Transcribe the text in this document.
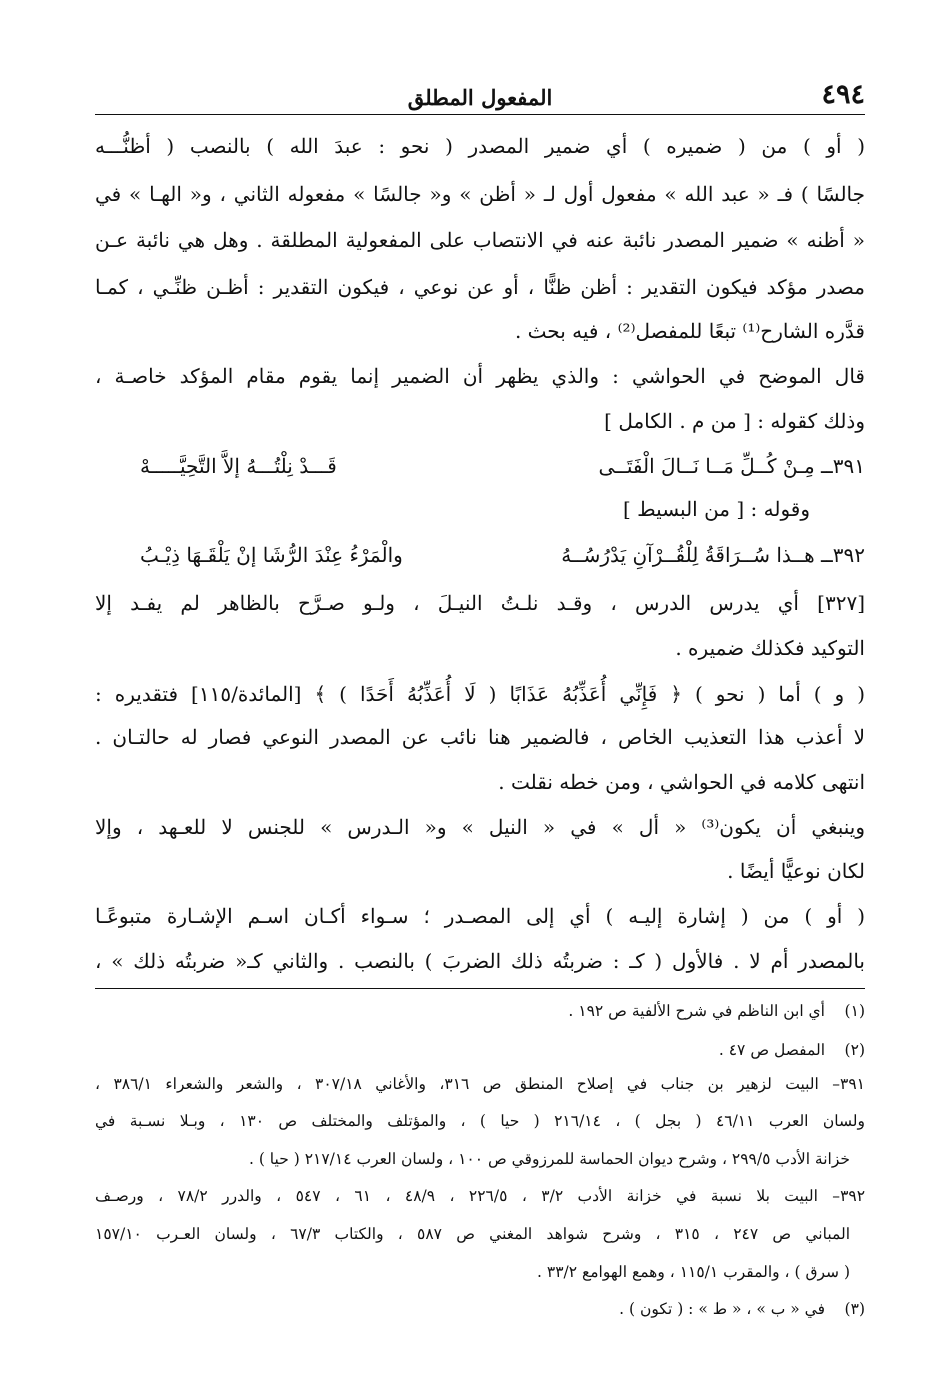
٤٩٤
المفعول المطلق
( أو ) من ( ضميره ) أي ضمير المصدر ( نحو : عبدَ الله ) بالنصب ( أظنُّـــه
جالسًا ) فـ « عبد الله » مفعول أول لـ « أظن » و« جالسًا » مفعوله الثاني ، و« الهـا » في
« أظنه » ضمير المصدر نائبة عنه في الانتصاب على المفعولية المطلقة . وهل هي نائبة عـن
مصدر مؤكد فيكون التقدير : أظن ظنًّا ، أو عن نوعي ، فيكون التقدير : أظـن ظنِّـي ، كمـا
قدَّره الشارح⁽¹⁾ تبعًا للمفصل⁽²⁾ ، فيه بحث .
قال الموضح في الحواشي : والذي يظهر أن الضمير إنما يقوم مقام المؤكد خاصـة ،
وذلك كقوله : [ من م . الكامل ]
٣٩١ــ مِـنْ كُــلِّ مَــا نَــالَ الْفَتَــى
قَـــدْ نِلْتُـــهُ إلاَّ التَّحِيَّـــــهْ
وقوله : [ من البسيط ]
٣٩٢ــ هــذا سُــرَاقَةُ لِلْقُــرْآنِ يَدْرُسُــهُ
والْمَرْءُ عِنْدَ الرُّشَا إنْ يَلْقَـهَا ذِيْـبُ
[٣٢٧] أي يدرس الدرس ، وقـد نلـتُ النيـلَ ، ولـو صـرَّح بالظاهر لم يفـد إلا
التوكيد فكذلك ضميره .
( و ) أما ( نحو ) ﴿ فَإِنِّي أُعَذِّبُهُ عَذَابًا ( لَا أُعَذِّبُهُ أَحَدًا ) ﴾ [المائدة/١١٥] فتقديره :
لا أعذب هذا التعذيب الخاص ، فالضمير هنا نائب عن المصدر النوعي فصار له حالتـان .
انتهى كلامه في الحواشي ، ومن خطه نقلت .
وينبغي أن يكون⁽³⁾ « أل » في « النيل » و« الـدرس » للجنس لا للعـهد ، وإلا
لكان نوعيًّا أيضًا .
( أو ) من ( إشارة إليـه ) أي إلى المصـدر ؛ سـواء أكـان اسـم الإشـارة متبوعًـا
بالمصدر أم لا . فالأول ( كـ : ضربتُه ذلك الضربَ ) بالنصب . والثاني كـ« ضربتُه ذلك » ،
(١)أي ابن الناظم في شرح الألفية ص ١٩٢ .
(٢)المفصل ص ٤٧ .
٣٩١– البيت لزهير بن جناب في إصلاح المنطق ص ٣١٦، والأغاني ٣٠٧/١٨ ، والشعر والشعراء ٣٨٦/١ ،
ولسان العرب ٤٦/١١ ( بجل ) ، ٢١٦/١٤ ( حيا ) ، والمؤتلف والمختلف ص ١٣٠ ، وبـلا نسـبة في
خزانة الأدب ٢٩٩/٥ ، وشرح ديوان الحماسة للمرزوقي ص ١٠٠ ، ولسان العرب ٢١٧/١٤ ( حيا ) .
٣٩٢– البيت بلا نسبة في خزانة الأدب ٣/٢ ، ٢٢٦/٥ ، ٤٨/٩ ، ٦١ ، ٥٤٧ ، والدرر ٧٨/٢ ، ورصـف
المباني ص ٢٤٧ ، ٣١٥ ، وشرح شواهد المغني ص ٥٨٧ ، والكتاب ٦٧/٣ ، ولسان العـرب ١٥٧/١٠
( سرق ) ، والمقرب ١١٥/١ ، وهمع الهوامع ٣٣/٢ .
(٣)في « ب » ، « ط » : ( تكون ) .
